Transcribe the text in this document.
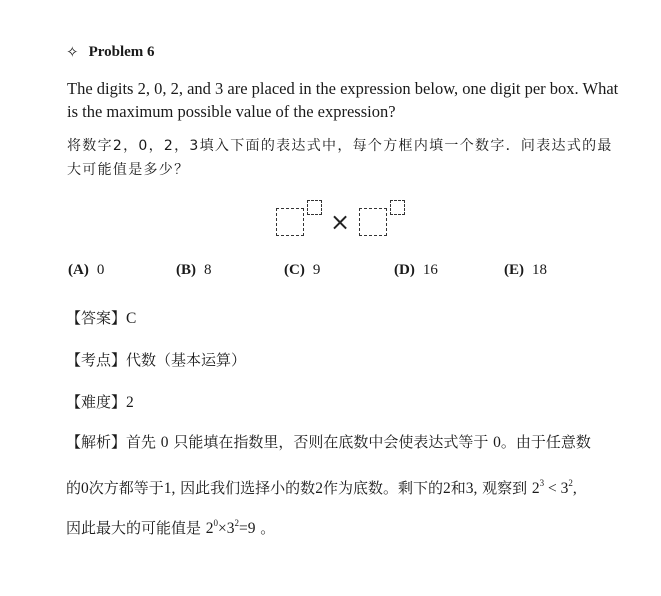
✧ Problem 6
The digits 2, 0, 2, and 3 are placed in the expression below, one digit per box. What is the maximum possible value of the expression?
将数字2，0，2，3填入下面的表达式中，每个方框内填一个数字．问表达式的最大可能值是多少？
×
(A) 0	(B) 8	(C) 9	(D) 16	(E) 18
【答案】C
【考点】代数（基本运算）
【难度】2
【解析】首先 0 只能填在指数里，否则在底数中会使表达式等于 0。由于任意数
的0次方都等于1, 因此我们选择小的数2作为底数。剩下的2和3, 观察到 $2^3 < 3^2$,
因此最大的可能值是 $2^0\times 3^2=9$ 。
